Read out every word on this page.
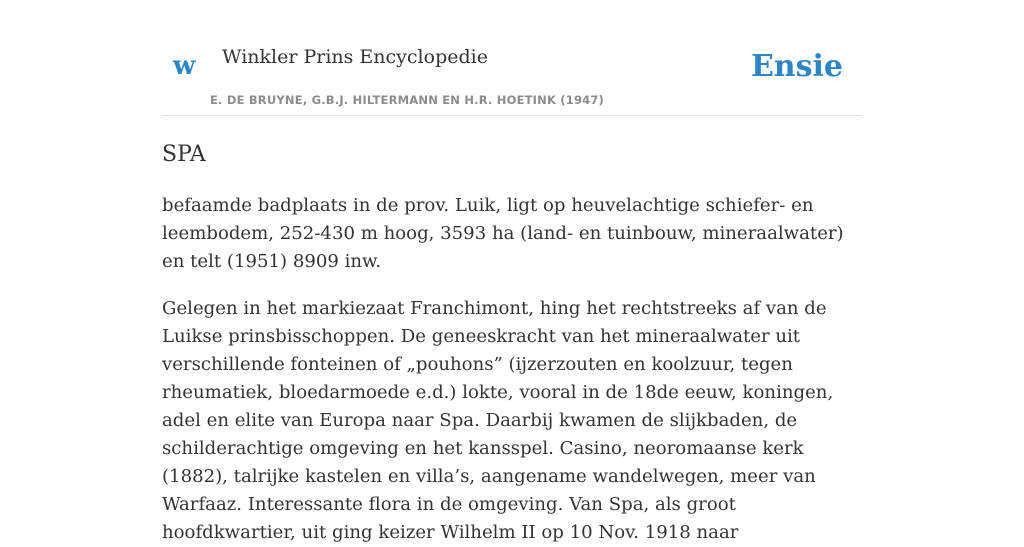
w Winkler Prins Encyclopedie
E. DE BRUYNE, G.B.J. HILTERMANN EN H.R. HOETINK (1947)
Ensie
SPA

befaamde badplaats in de prov. Luik, ligt op heuvelachtige schiefer- en leembodem, 252-430 m hoog, 3593 ha (land- en tuinbouw, mineraalwater) en telt (1951) 8909 inw.

Gelegen in het markiezaat Franchimont, hing het rechtstreeks af van de Luikse prinsbisschoppen. De geneeskracht van het mineraalwater uit verschillende fonteinen of „pouhons” (ijzerzouten en koolzuur, tegen rheumatiek, bloedarmoede e.d.) lokte, vooral in de 18de eeuw, koningen, adel en elite van Europa naar Spa. Daarbij kwamen de slijkbaden, de schilderachtige omgeving en het kansspel. Casino, neoromaanse kerk (1882), talrijke kastelen en villa’s, aangename wandelwegen, meer van Warfaaz. Interessante flora in de omgeving. Van Spa, als groot hoofdkwartier, uit ging keizer Wilhelm II op 10 Nov. 1918 naar
